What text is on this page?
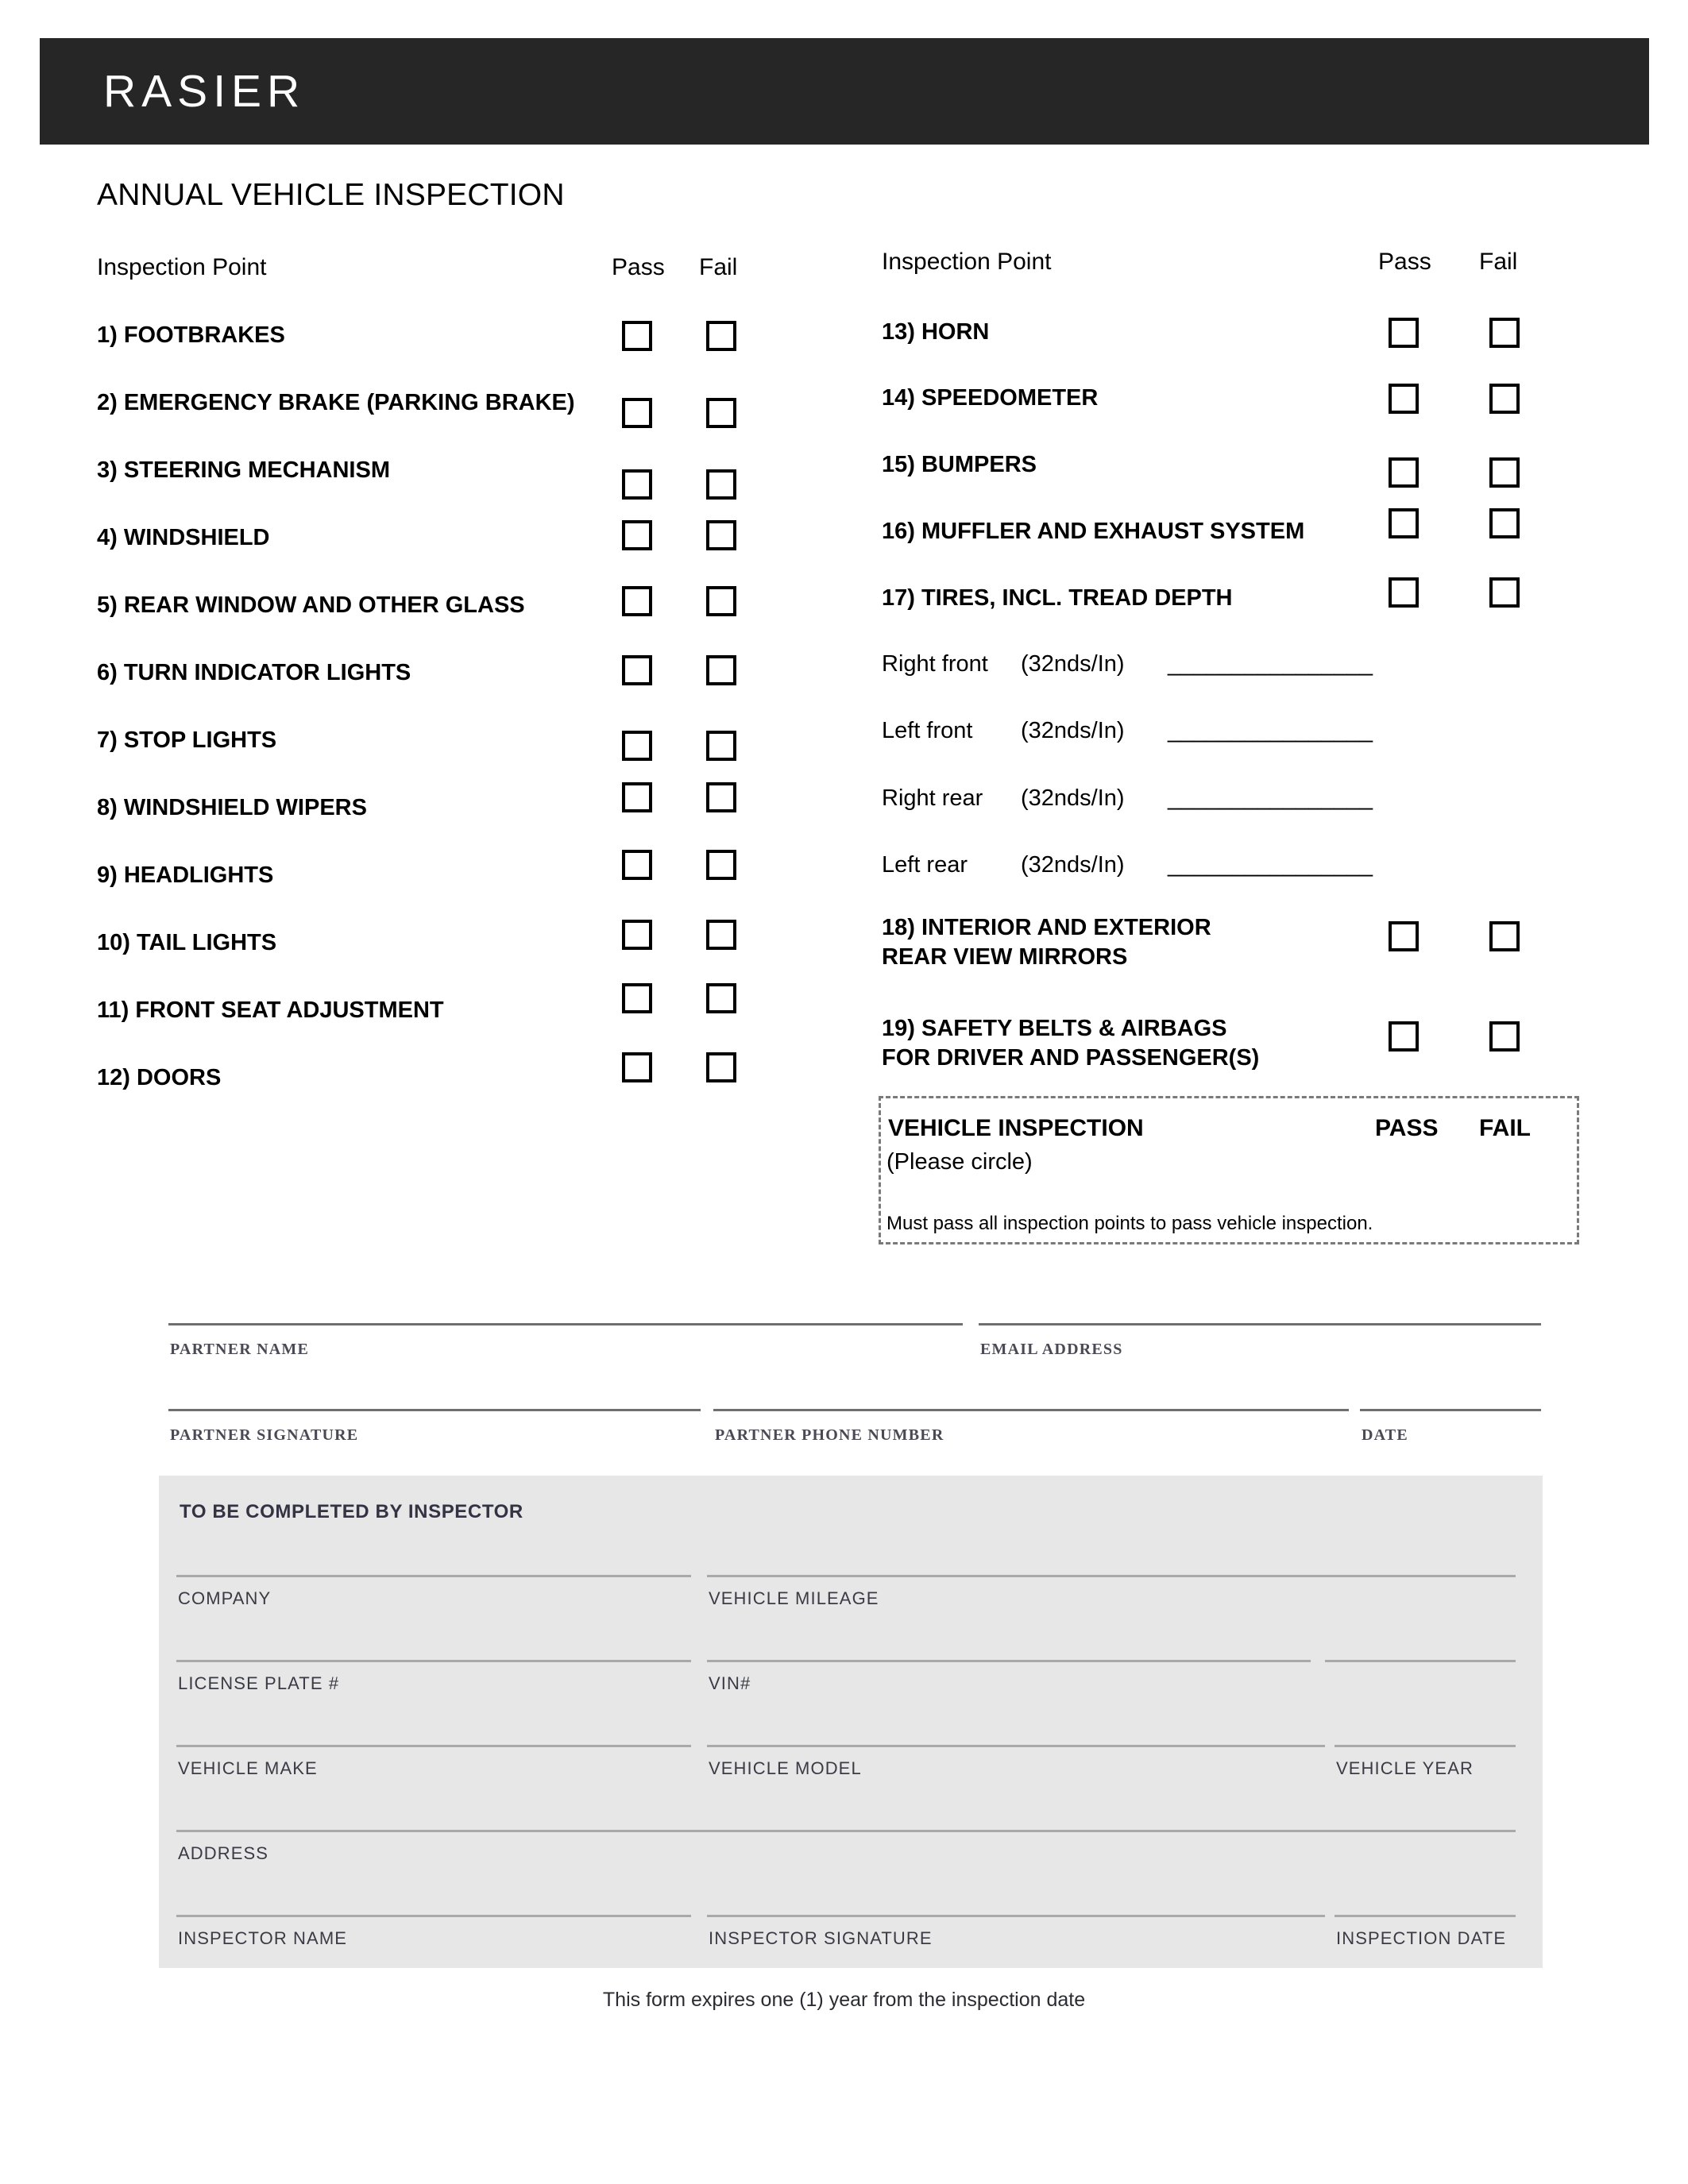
RASIER
ANNUAL VEHICLE INSPECTION
Inspection Point	Pass Fail	Inspection Point	Pass Fail
1) FOOTBRAKES
2) EMERGENCY BRAKE (PARKING BRAKE)
3) STEERING MECHANISM
4) WINDSHIELD
5) REAR WINDOW AND OTHER GLASS
6) TURN INDICATOR LIGHTS
7) STOP LIGHTS
8) WINDSHIELD WIPERS
9) HEADLIGHTS
10) TAIL LIGHTS
11) FRONT SEAT ADJUSTMENT
12) DOORS
13) HORN
14) SPEEDOMETER
15) BUMPERS
16) MUFFLER AND EXHAUST SYSTEM
17) TIRES, INCL. TREAD DEPTH
Right front (32nds/In) ________________
Left front (32nds/In) ________________
Right rear (32nds/In) ________________
Left rear (32nds/In) ________________
18) INTERIOR AND EXTERIOR
REAR VIEW MIRRORS
19) SAFETY BELTS & AIRBAGS
FOR DRIVER AND PASSENGER(S)
VEHICLE INSPECTION
(Please circle)
PASS FAIL
Must pass all inspection points to pass vehicle inspection.
PARTNER NAME	EMAIL ADDRESS
PARTNER SIGNATURE	PARTNER PHONE NUMBER	DATE
TO BE COMPLETED BY INSPECTOR
COMPANY	VEHICLE MILEAGE
LICENSE PLATE #	VIN#
VEHICLE MAKE	VEHICLE MODEL	VEHICLE YEAR
ADDRESS
INSPECTOR NAME	INSPECTOR SIGNATURE	INSPECTION DATE
This form expires one (1) year from the inspection date
